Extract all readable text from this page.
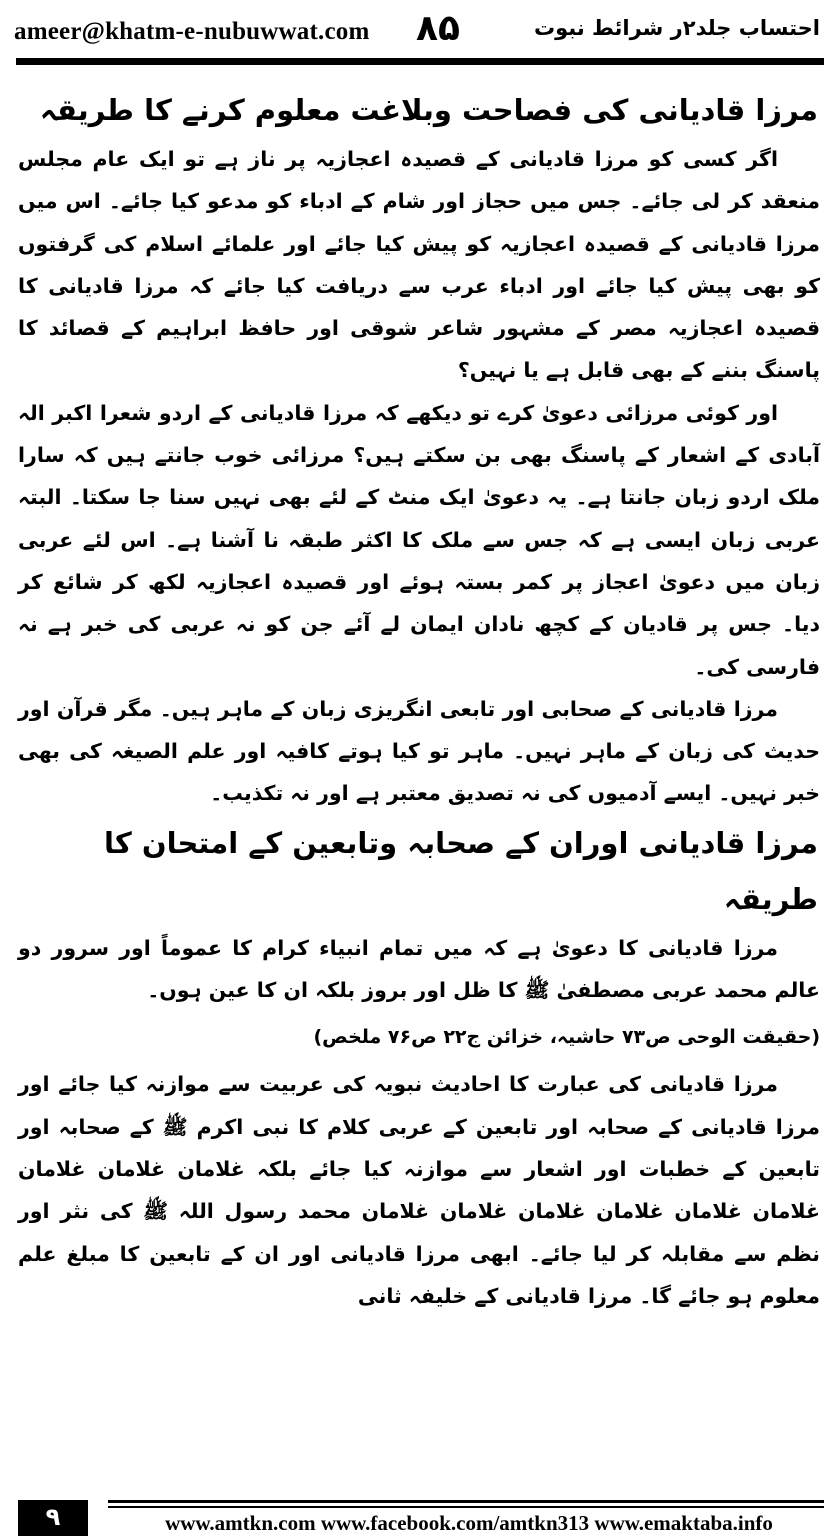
ameer@khatm-e-nubuwwat.com ۸۵	احتساب جلد۲ر شرائط نبوت
مرزا قادیانی کی فصاحت وبلاغت معلوم کرنے کا طریقہ

اگر کسی کو مرزا قادیانی کے قصیدہ اعجازیہ پر ناز ہے تو ایک عام مجلس منعقد کر لی جائے۔ جس میں حجاز اور شام کے ادباء کو مدعو کیا جائے۔ اس میں مرزا قادیانی کے قصیدہ اعجازیہ کو پیش کیا جائے اور علمائے اسلام کی گرفتوں کو بھی پیش کیا جائے اور ادباء عرب سے دریافت کیا جائے کہ مرزا قادیانی کا قصیدہ اعجازیہ مصر کے مشہور شاعر شوقی اور حافظ ابراہیم کے قصائد کا پاسنگ بننے کے بھی قابل ہے یا نہیں؟

اور کوئی مرزائی دعویٰ کرے تو دیکھے کہ مرزا قادیانی کے اردو شعرا اکبر الہ آبادی کے اشعار کے پاسنگ بھی بن سکتے ہیں؟ مرزائی خوب جانتے ہیں کہ سارا ملک اردو زبان جانتا ہے۔ یہ دعویٰ ایک منٹ کے لئے بھی نہیں سنا جا سکتا۔ البتہ عربی زبان ایسی ہے کہ جس سے ملک کا اکثر طبقہ نا آشنا ہے۔ اس لئے عربی زبان میں دعویٰ اعجاز پر کمر بستہ ہوئے اور قصیدہ اعجازیہ لکھ کر شائع کر دیا۔ جس پر قادیان کے کچھ نادان ایمان لے آئے جن کو نہ عربی کی خبر ہے نہ فارسی کی۔

مرزا قادیانی کے صحابی اور تابعی انگریزی زبان کے ماہر ہیں۔ مگر قرآن اور حدیث کی زبان کے ماہر نہیں۔ ماہر تو کیا ہوتے کافیہ اور علم الصیغہ کی بھی خبر نہیں۔ ایسے آدمیوں کی نہ تصدیق معتبر ہے اور نہ تکذیب۔

مرزا قادیانی اوران کے صحابہ وتابعین کے امتحان کا طریقہ

مرزا قادیانی کا دعویٰ ہے کہ میں تمام انبیاء کرام کا عموماً اور سرور دو عالم محمد عربی مصطفیٰ ﷺ کا ظل اور بروز بلکہ ان کا عین ہوں۔

(حقیقت الوحی ص۷۳ حاشیہ، خزائن ج۲۲ ص۷۶ ملخص)

مرزا قادیانی کی عبارت کا احادیث نبویہ کی عربیت سے موازنہ کیا جائے اور مرزا قادیانی کے صحابہ اور تابعین کے عربی کلام کا نبی اکرم ﷺ کے صحابہ اور تابعین کے خطبات اور اشعار سے موازنہ کیا جائے بلکہ غلامان غلامان غلامان غلامان غلامان غلامان غلامان غلامان غلامان محمد رسول اللہ ﷺ کی نثر اور نظم سے مقابلہ کر لیا جائے۔ ابھی مرزا قادیانی اور ان کے تابعین کا مبلغ علم معلوم ہو جائے گا۔ مرزا قادیانی کے خلیفہ ثانی

۹	www.amtkn.com www.facebook.com/amtkn313 www.emaktaba.info
